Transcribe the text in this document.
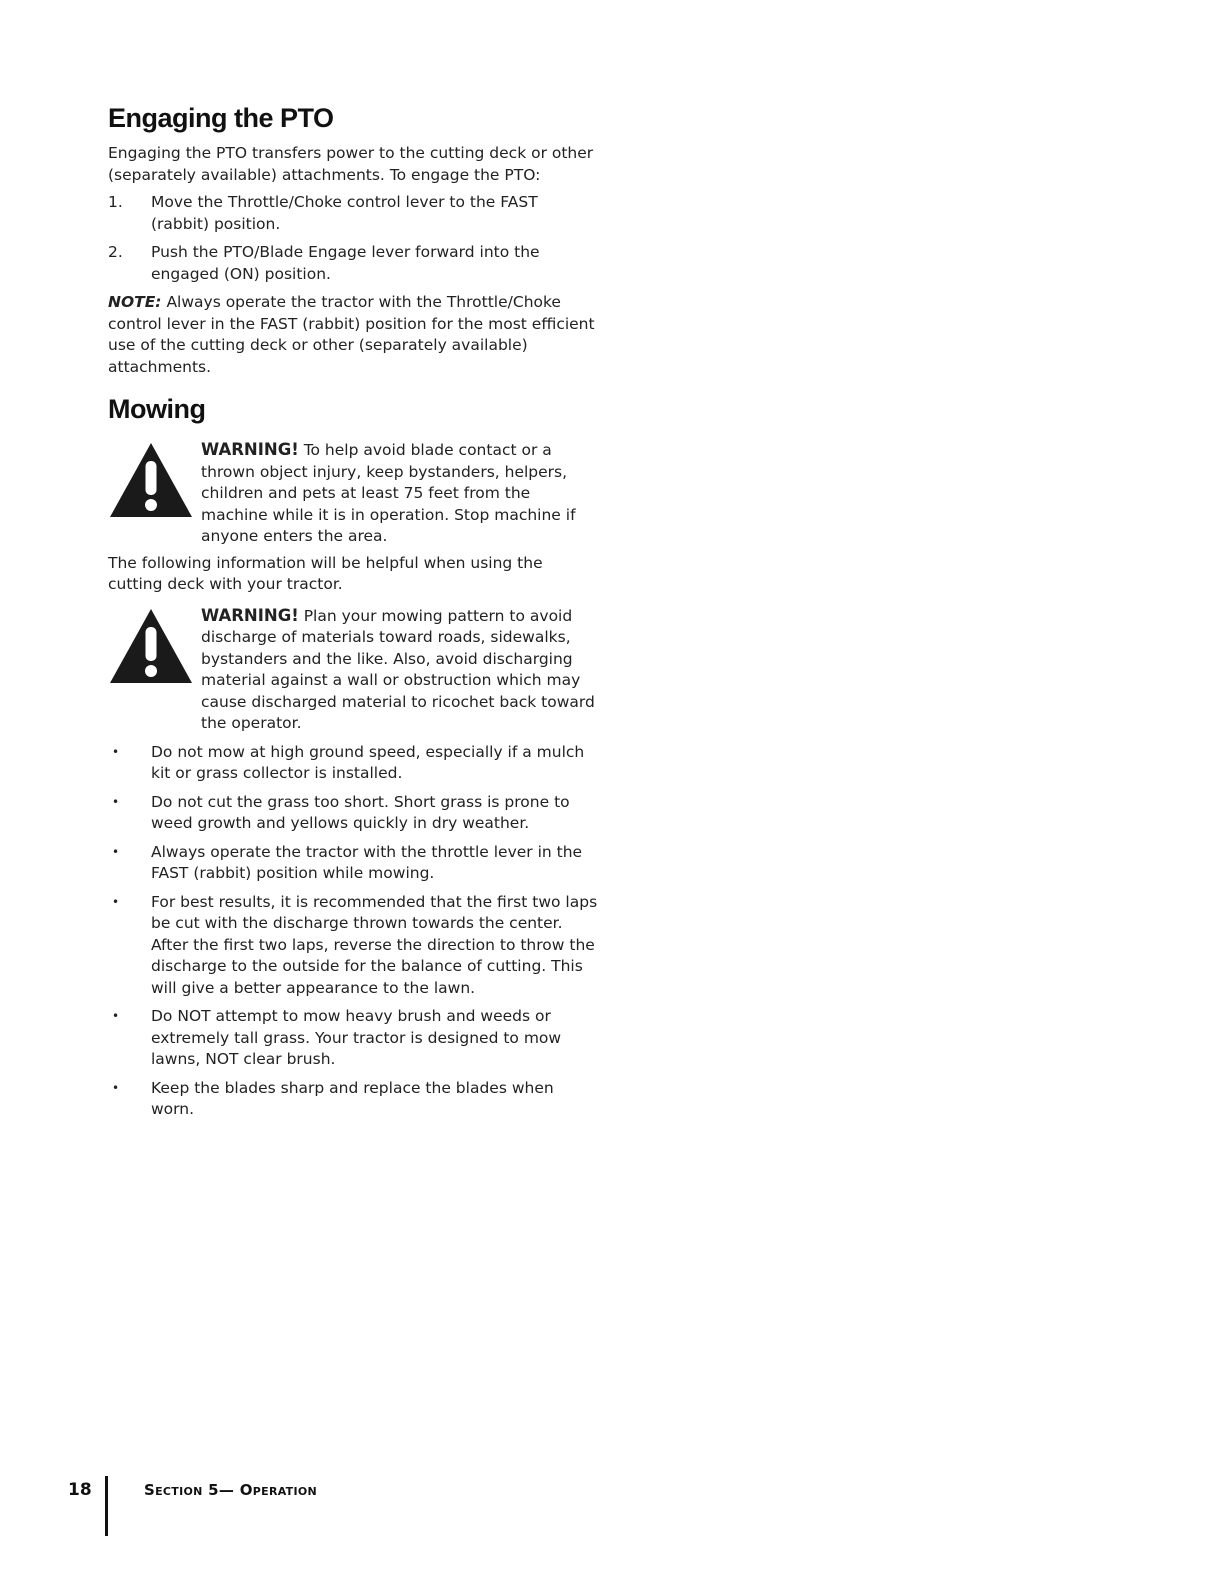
Engaging the PTO

Engaging the PTO transfers power to the cutting deck or other (separately available) attachments. To engage the PTO:

1. Move the Throttle/Choke control lever to the FAST (rabbit) position.
2. Push the PTO/Blade Engage lever forward into the engaged (ON) position.

NOTE: Always operate the tractor with the Throttle/Choke control lever in the FAST (rabbit) position for the most efficient use of the cutting deck or other (separately available) attachments.

Mowing
WARNING! To help avoid blade contact or a thrown object injury, keep bystanders, helpers, children and pets at least 75 feet from the machine while it is in operation. Stop machine if anyone enters the area.

The following information will be helpful when using the cutting deck with your tractor.

WARNING! Plan your mowing pattern to avoid discharge of materials toward roads, sidewalks, bystanders and the like. Also, avoid discharging material against a wall or obstruction which may cause discharged material to ricochet back toward the operator.
• Do not mow at high ground speed, especially if a mulch kit or grass collector is installed.
• Do not cut the grass too short. Short grass is prone to weed growth and yellows quickly in dry weather.
• Always operate the tractor with the throttle lever in the FAST (rabbit) position while mowing.
• For best results, it is recommended that the first two laps be cut with the discharge thrown towards the center. After the first two laps, reverse the direction to throw the discharge to the outside for the balance of cutting. This will give a better appearance to the lawn.
• Do NOT attempt to mow heavy brush and weeds or extremely tall grass. Your tractor is designed to mow lawns, NOT clear brush.
• Keep the blades sharp and replace the blades when worn.
18	Section 5— Operation
